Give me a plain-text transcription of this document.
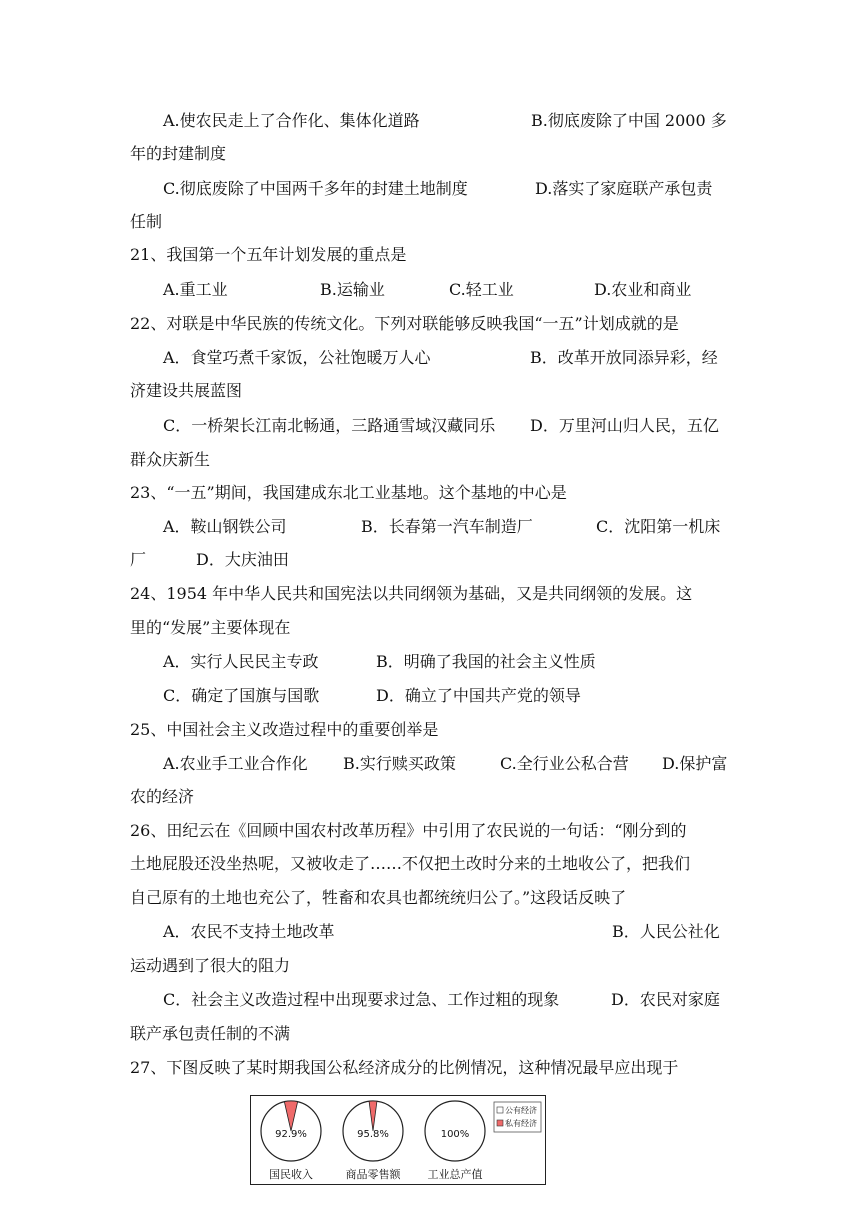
A.使农民走上了合作化、集体化道路	B.彻底废除了中国 2000 多
年的封建制度
C.彻底废除了中国两千多年的封建土地制度	D.落实了家庭联产承包责
任制
21、我国第一个五年计划发展的重点是
A.重工业	B.运输业	C.轻工业	D.农业和商业
22、对联是中华民族的传统文化。下列对联能够反映我国“一五”计划成就的是
A．食堂巧煮千家饭，公社饱暖万人心	B．改革开放同添异彩，经
济建设共展蓝图
C．一桥架长江南北畅通，三路通雪域汉藏同乐 D．万里河山归人民，五亿
群众庆新生
23、“一五”期间，我国建成东北工业基地。这个基地的中心是
A．鞍山钢铁公司	B．长春第一汽车制造厂	C．沈阳第一机床
厂	D．大庆油田
24、1954 年中华人民共和国宪法以共同纲领为基础，又是共同纲领的发展。这
里的“发展”主要体现在
A．实行人民民主专政	B．明确了我国的社会主义性质
C．确定了国旗与国歌	D．确立了中国共产党的领导
25、中国社会主义改造过程中的重要创举是
A.农业手工业合作化 B.实行赎买政策	C.全行业公私合营 D.保护富
农的经济
26、田纪云在《回顾中国农村改革历程》中引用了农民说的一句话：“刚分到的
土地屁股还没坐热呢，又被收走了……不仅把土改时分来的土地收公了，把我们
自己原有的土地也充公了，牲畜和农具也都统统归公了。”这段话反映了
A．农民不支持土地改革	B．人民公社化
运动遇到了很大的阻力
C．社会主义改造过程中出现要求过急、工作过粗的现象	D．农民对家庭
联产承包责任制的不满
27、下图反映了某时期我国公私经济成分的比例情况，这种情况最早应出现于
92.9%
国民收入
95.8%
商品零售额
100%
工业总产值
公有经济
私有经济
